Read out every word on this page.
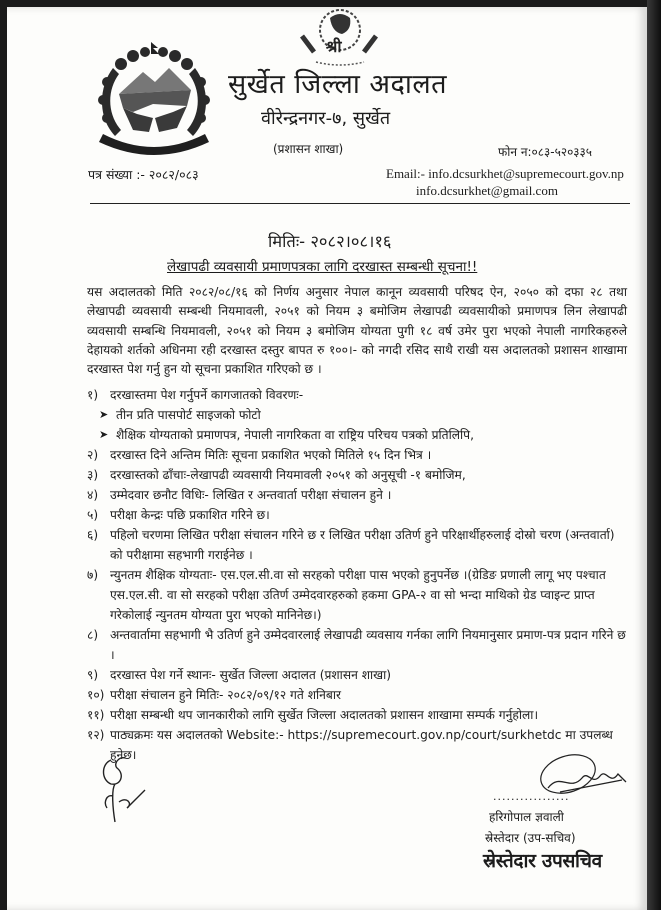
श्री
सुर्खेत जिल्ला अदालत
वीरेन्द्रनगर-७, सुर्खेत
(प्रशासन शाखा)	फोन न:०८३-५२०३३५
पत्र संख्या :- २०८२/०८३	Email:- info.dcsurkhet@supremecourt.gov.np
info.dcsurkhet@gmail.com
मितिः- २०८२।०८।१६
लेखापढी व्यवसायी प्रमाणपत्रका लागि दरखास्त सम्बन्धी सूचना!!
यस अदालतको मिति २०८२/०८/१६ को निर्णय अनुसार नेपाल कानून व्यवसायी परिषद ऐन, २०५० को दफा २८ तथा लेखापढी व्यवसायी सम्बन्धी नियमावली, २०५१ को नियम ३ बमोजिम लेखापढी व्यवसायीको प्रमाणपत्र लिन लेखापढी व्यवसायी सम्बन्धि नियमावली, २०५१ को नियम ३ बमोजिम योग्यता पुगी १८ वर्ष उमेर पुरा भएको नेपाली नागरिकहरुले देहायको शर्तको अधिनमा रही दरखास्त दस्तुर बापत रु १००।- को नगदी रसिद साथै राखी यस अदालतको प्रशासन शाखामा दरखास्त पेश गर्नु हुन यो सूचना प्रकाशित गरिएको छ ।
१) दरखास्तमा पेश गर्नुपर्ने कागजातको विवरणः-
➤ तीन प्रति पासपोर्ट साइजको फोटो
➤ शैक्षिक योग्यताको प्रमाणपत्र, नेपाली नागरिकता वा राष्ट्रिय परिचय पत्रको प्रतिलिपि,
२) दरखास्त दिने अन्तिम मितिः सूचना प्रकाशित भएको मितिले १५ दिन भित्र ।
३) दरखास्तको ढाँचाः-लेखापढी व्यवसायी नियमावली २०५१ को अनुसूची -१ बमोजिम,
४) उम्मेदवार छनौट विधिः- लिखित र अन्तवार्ता परीक्षा संचालन हुने ।
५) परीक्षा केन्द्रः पछि प्रकाशित गरिने छ।
६) पहिलो चरणमा लिखित परीक्षा संचालन गरिने छ र लिखित परीक्षा उतिर्ण हुने परिक्षार्थीहरुलाई दोस्रो चरण (अन्तवार्ता) को परीक्षामा सहभागी गराईनेछ ।
७) न्युनतम शैक्षिक योग्यताः- एस.एल.सी.वा सो सरहको परीक्षा पास भएको हुनुपर्नेछ ।(ग्रेडिङ प्रणाली लागू भए पश्चात एस.एल.सी. वा सो सरहको परीक्षा उतिर्ण उम्मेदवारहरुको हकमा GPA-२ वा सो भन्दा माथिको ग्रेड प्वाइन्ट प्राप्त गरेकोलाई न्युनतम योग्यता पुरा भएको मानिनेछ।)
८) अन्तवार्तामा सहभागी भै उतिर्ण हुने उम्मेदवारलाई लेखापढी व्यवसाय गर्नका लागि नियमानुसार प्रमाण-पत्र प्रदान गरिने छ ।
९) दरखास्त पेश गर्ने स्थानः- सुर्खेत जिल्ला अदालत (प्रशासन शाखा)
१०) परीक्षा संचालन हुने मितिः- २०८२/०९/१२ गते शनिबार
११) परीक्षा सम्बन्धी थप जानकारीको लागि सुर्खेत जिल्ला अदालतको प्रशासन शाखामा सम्पर्क गर्नुहोला।
१२) पाठ्यक्रमः यस अदालतको Website:- https://supremecourt.gov.np/court/surkhetdc मा उपलब्ध हुनेछ।
.................
हरिगोपाल ज्ञवाली
स्रेस्तेदार (उप-सचिव)
स्रेस्तेदार उपसचिव
